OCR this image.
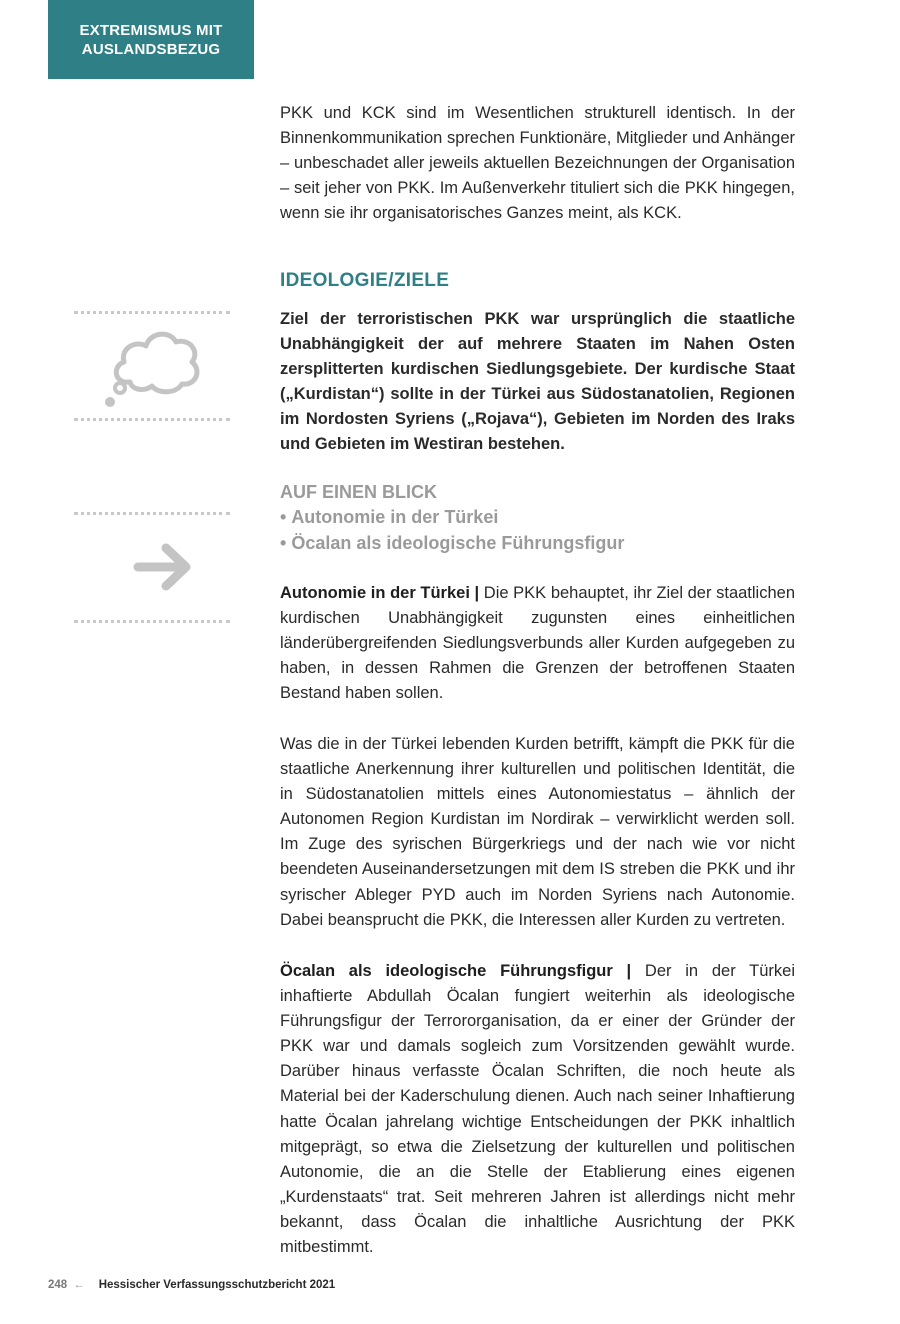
EXTREMISMUS MIT
AUSLANDSBEZUG

PKK und KCK sind im Wesentlichen strukturell identisch. In der Binnenkommunikation sprechen Funktionäre, Mitglieder und Anhänger – unbeschadet aller jeweils aktuellen Bezeichnungen der Organisation – seit jeher von PKK. Im Außenverkehr tituliert sich die PKK hingegen, wenn sie ihr organisatorisches Ganzes meint, als KCK.

IDEOLOGIE/ZIELE

Ziel der terroristischen PKK war ursprünglich die staatliche Unabhängigkeit der auf mehrere Staaten im Nahen Osten zersplitterten kurdischen Siedlungsgebiete. Der kurdische Staat („Kurdistan“) sollte in der Türkei aus Südostanatolien, Regionen im Nordosten Syriens („Rojava“), Gebieten im Norden des Iraks und Gebieten im Westiran bestehen.

AUF EINEN BLICK
• Autonomie in der Türkei
• Öcalan als ideologische Führungsfigur

Autonomie in der Türkei | Die PKK behauptet, ihr Ziel der staatlichen kurdischen Unabhängigkeit zugunsten eines einheitlichen länderübergreifenden Siedlungsverbunds aller Kurden aufgegeben zu haben, in dessen Rahmen die Grenzen der betroffenen Staaten Bestand haben sollen.

Was die in der Türkei lebenden Kurden betrifft, kämpft die PKK für die staatliche Anerkennung ihrer kulturellen und politischen Identität, die in Südostanatolien mittels eines Autonomiestatus – ähnlich der Autonomen Region Kurdistan im Nordirak – verwirklicht werden soll. Im Zuge des syrischen Bürgerkriegs und der nach wie vor nicht beendeten Auseinandersetzungen mit dem IS streben die PKK und ihr syrischer Ableger PYD auch im Norden Syriens nach Autonomie. Dabei beansprucht die PKK, die Interessen aller Kurden zu vertreten.

Öcalan als ideologische Führungsfigur | Der in der Türkei inhaftierte Abdullah Öcalan fungiert weiterhin als ideologische Führungsfigur der Terrororganisation, da er einer der Gründer der PKK war und damals sogleich zum Vorsitzenden gewählt wurde. Darüber hinaus verfasste Öcalan Schriften, die noch heute als Material bei der Kaderschulung dienen. Auch nach seiner Inhaftierung hatte Öcalan jahrelang wichtige Entscheidungen der PKK inhaltlich mitgeprägt, so etwa die Zielsetzung der kulturellen und politischen Autonomie, die an die Stelle der Etablierung eines eigenen „Kurdenstaats“ trat. Seit mehreren Jahren ist allerdings nicht mehr bekannt, dass Öcalan die inhaltliche Ausrichtung der PKK mitbestimmt.

248 ← Hessischer Verfassungsschutzbericht 2021
